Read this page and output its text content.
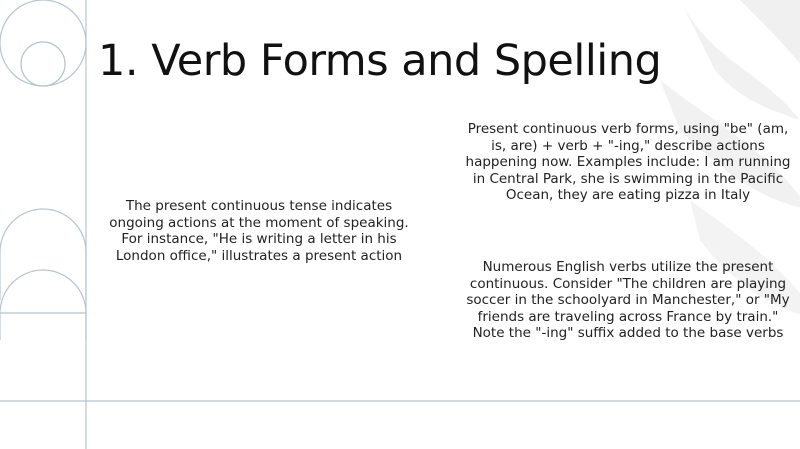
1. Verb Forms and Spelling
The present continuous tense indicates ongoing actions at the moment of speaking. For instance, "He is writing a letter in his London office," illustrates a present action
Present continuous verb forms, using "be" (am, is, are) + verb + "-ing," describe actions happening now. Examples include: I am running in Central Park, she is swimming in the Pacific Ocean, they are eating pizza in Italy
Numerous English verbs utilize the present continuous. Consider "The children are playing soccer in the schoolyard in Manchester," or "My friends are traveling across France by train." Note the "-ing" suffix added to the base verbs
